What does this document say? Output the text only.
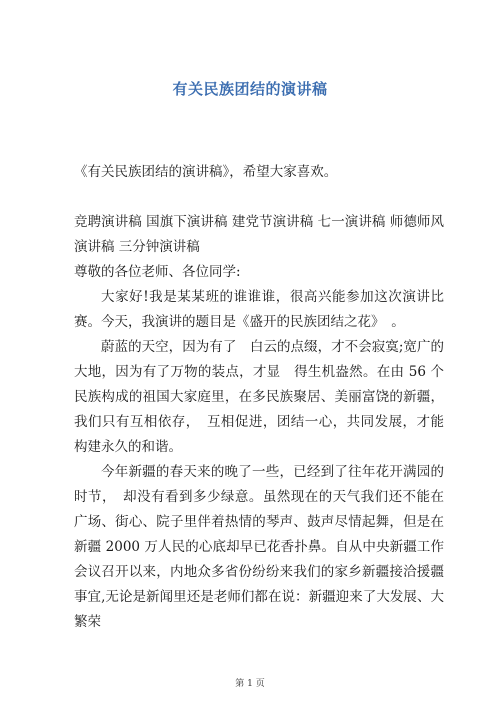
有关民族团结的演讲稿

《有关民族团结的演讲稿》，希望大家喜欢。

竞聘演讲稿 国旗下演讲稿 建党节演讲稿 七一演讲稿 师德师风演讲稿 三分钟演讲稿

尊敬的各位老师、各位同学:

大家好!我是某某班的谁谁谁，很高兴能参加这次演讲比赛。今天，我演讲的题目是《盛开的民族团结之花》　。

蔚蓝的天空，因为有了　白云的点缀，才不会寂寞;宽广的大地，因为有了万物的装点，才显　得生机盎然。在由 56 个民族构成的祖国大家庭里，在多民族聚居、美丽富饶的新疆，我们只有互相依存，　互相促进，团结一心，共同发展，才能构建永久的和谐。

今年新疆的春天来的晚了一些，已经到了往年花开满园的时节，　却没有看到多少绿意。虽然现在的天气我们还不能在广场、街心、院子里伴着热情的琴声、鼓声尽情起舞，但是在新疆 2000 万人民的心底却早已花香扑鼻。自从中央新疆工作会议召开以来，内地众多省份纷纷来我们的家乡新疆接洽援疆事宜,无论是新闻里还是老师们都在说：新疆迎来了大发展、大繁荣

第 1 页
